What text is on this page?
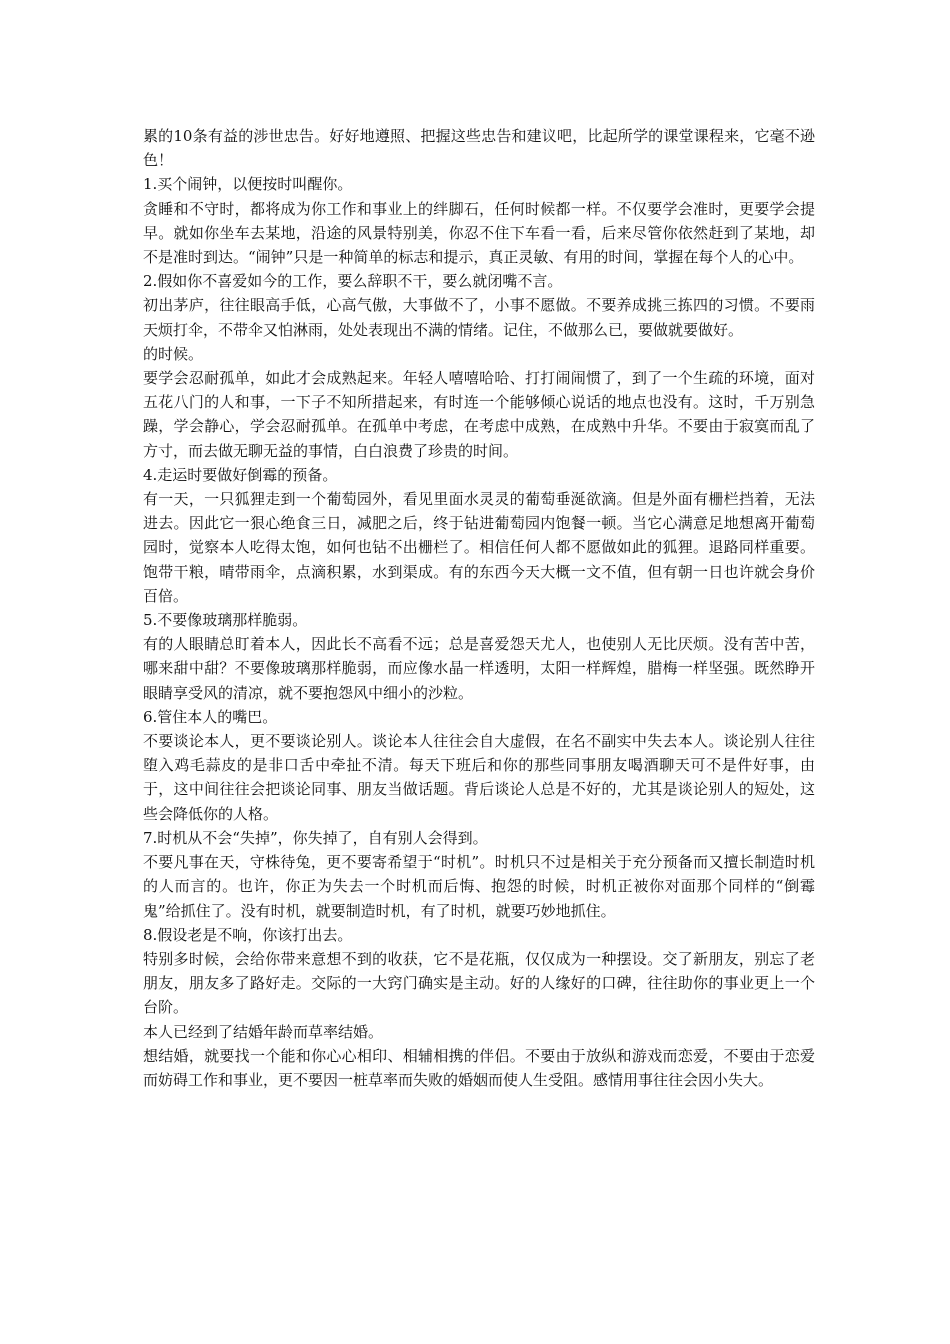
累的10条有益的涉世忠告。好好地遵照、把握这些忠告和建议吧，比起所学的课堂课程来，它毫不逊色！

1.买个闹钟，以便按时叫醒你。

贪睡和不守时，都将成为你工作和事业上的绊脚石，任何时候都一样。不仅要学会准时，更要学会提早。就如你坐车去某地，沿途的风景特别美，你忍不住下车看一看，后来尽管你依然赶到了某地，却不是准时到达。“闹钟”只是一种简单的标志和提示，真正灵敏、有用的时间，掌握在每个人的心中。

2.假如你不喜爱如今的工作，要么辞职不干，要么就闭嘴不言。

初出茅庐，往往眼高手低，心高气傲，大事做不了，小事不愿做。不要养成挑三拣四的习惯。不要雨天烦打伞，不带伞又怕淋雨，处处表现出不满的情绪。记住，不做那么已，要做就要做好。

的时候。

要学会忍耐孤单，如此才会成熟起来。年轻人嘻嘻哈哈、打打闹闹惯了，到了一个生疏的环境，面对五花八门的人和事，一下子不知所措起来，有时连一个能够倾心说话的地点也没有。这时，千万别急躁，学会静心，学会忍耐孤单。在孤单中考虑，在考虑中成熟，在成熟中升华。不要由于寂寞而乱了方寸，而去做无聊无益的事情，白白浪费了珍贵的时间。

4.走运时要做好倒霉的预备。

有一天，一只狐狸走到一个葡萄园外，看见里面水灵灵的葡萄垂涎欲滴。但是外面有栅栏挡着，无法进去。因此它一狠心绝食三日，减肥之后，终于钻进葡萄园内饱餐一顿。当它心满意足地想离开葡萄园时，觉察本人吃得太饱，如何也钻不出栅栏了。相信任何人都不愿做如此的狐狸。退路同样重要。饱带干粮，晴带雨伞，点滴积累，水到渠成。有的东西今天大概一文不值，但有朝一日也许就会身价百倍。

5.不要像玻璃那样脆弱。

有的人眼睛总盯着本人，因此长不高看不远；总是喜爱怨天尤人，也使别人无比厌烦。没有苦中苦，哪来甜中甜？不要像玻璃那样脆弱，而应像水晶一样透明，太阳一样辉煌，腊梅一样坚强。既然睁开眼睛享受风的清凉，就不要抱怨风中细小的沙粒。

6.管住本人的嘴巴。

不要谈论本人，更不要谈论别人。谈论本人往往会自大虚假，在名不副实中失去本人。谈论别人往往堕入鸡毛蒜皮的是非口舌中牵扯不清。每天下班后和你的那些同事朋友喝酒聊天可不是件好事，由于，这中间往往会把谈论同事、朋友当做话题。背后谈论人总是不好的，尤其是谈论别人的短处，这些会降低你的人格。

7.时机从不会“失掉”，你失掉了，自有别人会得到。

不要凡事在天，守株待兔，更不要寄希望于“时机”。时机只不过是相关于充分预备而又擅长制造时机的人而言的。也许，你正为失去一个时机而后悔、抱怨的时候，时机正被你对面那个同样的“倒霉鬼”给抓住了。没有时机，就要制造时机，有了时机，就要巧妙地抓住。

8.假设老是不响，你该打出去。

特别多时候，会给你带来意想不到的收获，它不是花瓶，仅仅成为一种摆设。交了新朋友，别忘了老朋友，朋友多了路好走。交际的一大窍门确实是主动。好的人缘好的口碑，往往助你的事业更上一个台阶。

本人已经到了结婚年龄而草率结婚。

想结婚，就要找一个能和你心心相印、相辅相携的伴侣。不要由于放纵和游戏而恋爱，不要由于恋爱而妨碍工作和事业，更不要因一桩草率而失败的婚姻而使人生受阻。感情用事往往会因小失大。
